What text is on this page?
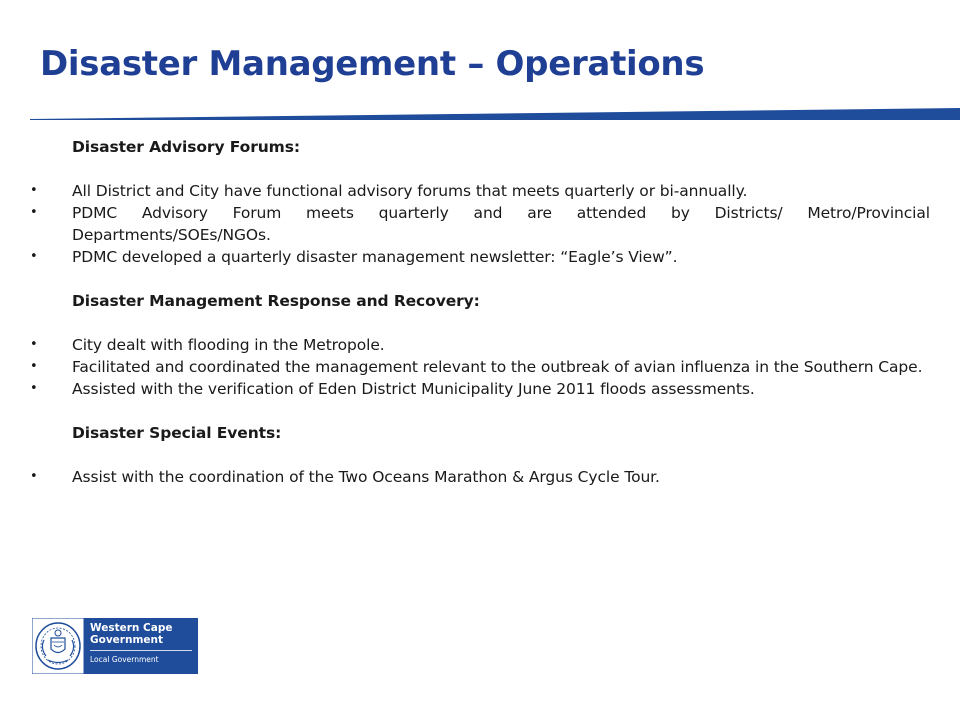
Disaster Management – Operations

Disaster Advisory Forums:

• All District and City have functional advisory forums that meets quarterly or bi-annually.
• PDMC Advisory Forum meets quarterly and are attended by Districts/ Metro/Provincial Departments/SOEs/NGOs.
• PDMC developed a quarterly disaster management newsletter: “Eagle’s View”.

Disaster Management Response and Recovery:

• City dealt with flooding in the Metropole.
• Facilitated and coordinated the management relevant to the outbreak of avian influenza in the Southern Cape.
• Assisted with the verification of Eden District Municipality June 2011 floods assessments.

Disaster Special Events:

• Assist with the coordination of the Two Oceans Marathon & Argus Cycle Tour.
Western Cape
Government
Local Government
